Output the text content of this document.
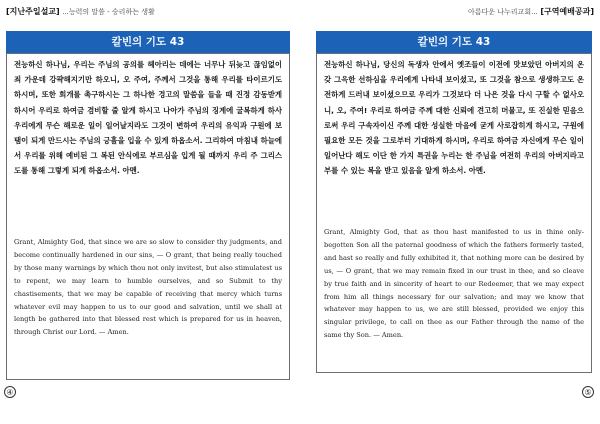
[지난주일설교] ...능력의 말씀 - 승리하는 생활
칼빈의 기도 43
전능하신 하나님, 우리는 주님의 공의를 헤아리는 데에는 너무나 뒤늦고 끊임없이 죄 가운데 강퍅해지기만 하오니, 오 주여, 주께서 그것을 통해 우리를 타이르기도 하시며, 또한 회개를 촉구하시는 그 하나한 경고의 말씀을 들을 때 진정 감동받게 하시어 우리로 하여금 겸비할 줄 알게 하시고 나아가 주님의 징계에 굴복하게 하사 우리에게 무슨 해로운 일이 일어날지라도 그것이 변하여 우리의 유익과 구원에 보탬이 되게 만드시는 주님의 긍휼을 입을 수 있게 하옵소서. 그리하여 마침내 하늘에서 우리를 위해 예비된 그 복된 안식에로 부르심을 입게 될 때까지 우리 주 그리스도를 통해 그렇게 되게 하옵소서. 아멘.
Grant, Almighty God, that since we are so slow to consider thy judgments, and become continually hardened in our sins, — O grant, that being really touched by those many warnings by which thou not only invitest, but also stimulatest us to repent, we may learn to humble ourselves, and so Submit to thy chastisements, that we may be capable of receiving that mercy which turns whatever evil may happen to us to our good and salvation, until we shall at length be gathered into that blessed rest which is prepared for us in heaven, through Christ our Lord. — Amen.
④
아름다운 나누리교회... [구역예배공과]
칼빈의 기도 43
전능하신 하나님, 당신의 독생자 안에서 옛조들이 이전에 맛보았던 아버지의 온갖 그윽한 선하심을 우리에게 나타내 보이셨고, 또 그것을 참으로 생생하고도 온전하게 드러내 보이셨으므로 우리가 그것보다 더 나은 것을 다시 구할 수 없사오니, 오, 주여! 우리로 하여금 주께 대한 신뢰에 견고히 머물고, 또 진실한 믿음으로써 우리 구속자이신 주께 대한 성실한 마음에 굳게 사로잡히게 하시고, 구원에 필요한 모든 것을 그로부터 기대하게 하시며, 우리로 하여금 자신에게 무슨 일이 일어난다 해도 이단 한 가지 특권을 누리는 한 주님을 여전히 우리의 아버지라고 부를 수 있는 복을 받고 있음을 알게 하소서. 아멘.
Grant, Almighty God, that as thou hast manifested to us in thine only-begotten Son all the paternal goodness of which the fathers formerly tasted, and hast so really and fully exhibited it, that nothing more can be desired by us, — O grant, that we may remain fixed in our trust in thee, and so cleave by true faith and in sincerity of heart to our Redeemer, that we may expect from him all things necessary for our salvation; and may we know that whatever may happen to us, we are still blessed, provided we enjoy this singular privilege, to call on thee as our Father through the name of the same thy Son. — Amen.
⑤
